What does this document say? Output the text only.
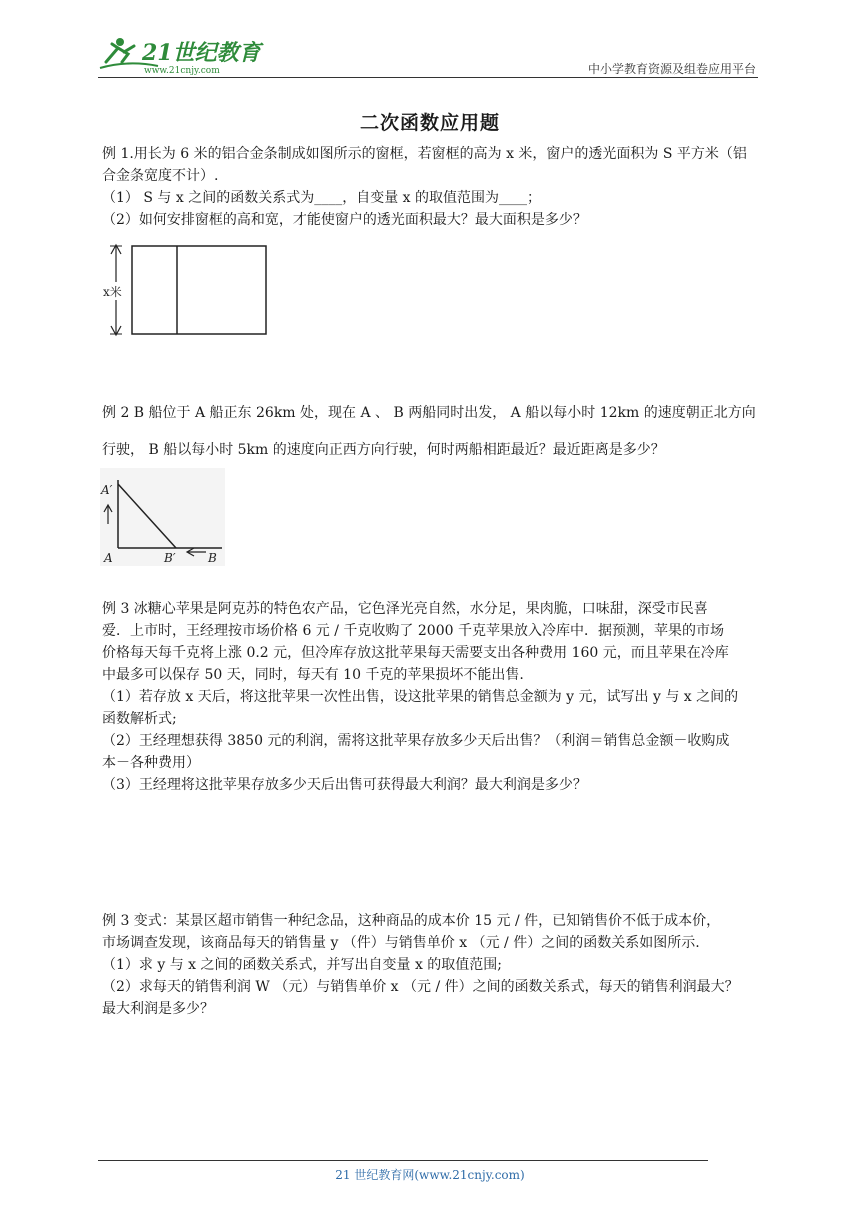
21世纪教育
www.21cnjy.com	中小学教育资源及组卷应用平台
二次函数应用题

例 1.用长为 6 米的铝合金条制成如图所示的窗框，若窗框的高为 x 米，窗户的透光面积为 S 平方米（铝

合金条宽度不计）.

（1） S 与 x 之间的函数关系式为____，自变量 x 的取值范围为____；

（2）如何安排窗框的高和宽，才能使窗户的透光面积最大？最大面积是多少？

x米

例 2 B 船位于 A 船正东 26km 处，现在 A 、 B 两船同时出发， A 船以每小时 12km 的速度朝正北方向

行驶， B 船以每小时 5km 的速度向正西方向行驶，何时两船相距最近？最近距离是多少？

A′
A	B′	B

例 3 冰糖心苹果是阿克苏的特色农产品，它色泽光亮自然，水分足，果肉脆，口味甜，深受市民喜

爱．上市时，王经理按市场价格 6 元 / 千克收购了 2000 千克苹果放入冷库中．据预测，苹果的市场

价格每天每千克将上涨 0.2 元，但冷库存放这批苹果每天需要支出各种费用 160 元，而且苹果在冷库

中最多可以保存 50 天，同时，每天有 10 千克的苹果损坏不能出售.

（1）若存放 x 天后，将这批苹果一次性出售，设这批苹果的销售总金额为 y 元，试写出 y 与 x 之间的

函数解析式;

（2）王经理想获得 3850 元的利润，需将这批苹果存放多少天后出售？（利润＝销售总金额－收购成

本－各种费用）

（3）王经理将这批苹果存放多少天后出售可获得最大利润？最大利润是多少？

例 3 变式：某景区超市销售一种纪念品，这种商品的成本价 15 元 / 件，已知销售价不低于成本价，

市场调查发现，该商品每天的销售量 y （件）与销售单价 x （元 / 件）之间的函数关系如图所示.

（1）求 y 与 x 之间的函数关系式，并写出自变量 x 的取值范围;

（2）求每天的销售利润 W （元）与销售单价 x （元 / 件）之间的函数关系式，每天的销售利润最大？

最大利润是多少？

21 世纪教育网(www.21cnjy.com)
